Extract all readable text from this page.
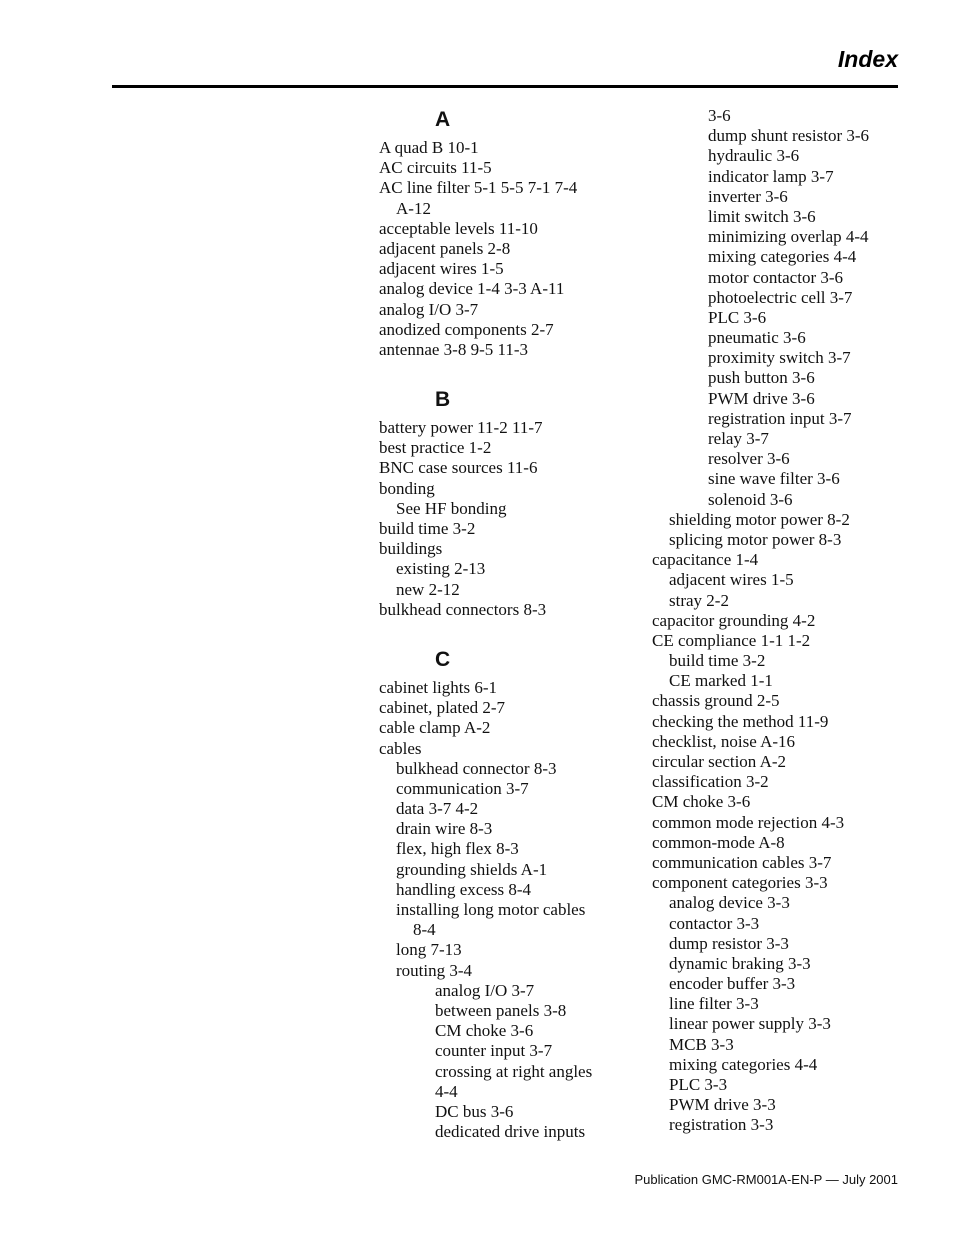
Index
A
A quad B 10-1
AC circuits 11-5
AC line filter 5-1 5-5 7-1 7-4
A-12
acceptable levels 11-10
adjacent panels 2-8
adjacent wires 1-5
analog device 1-4 3-3 A-11
analog I/O 3-7
anodized components 2-7
antennae 3-8 9-5 11-3
B
battery power 11-2 11-7
best practice 1-2
BNC case sources 11-6
bonding
See HF bonding
build time 3-2
buildings
existing 2-13
new 2-12
bulkhead connectors 8-3
C
cabinet lights 6-1
cabinet, plated 2-7
cable clamp A-2
cables
bulkhead connector 8-3
communication 3-7
data 3-7 4-2
drain wire 8-3
flex, high flex 8-3
grounding shields A-1
handling excess 8-4
installing long motor cables
8-4
long 7-13
routing 3-4
analog I/O 3-7
between panels 3-8
CM choke 3-6
counter input 3-7
crossing at right angles
4-4
DC bus 3-6
dedicated drive inputs
3-6
dump shunt resistor 3-6
hydraulic 3-6
indicator lamp 3-7
inverter 3-6
limit switch 3-6
minimizing overlap 4-4
mixing categories 4-4
motor contactor 3-6
photoelectric cell 3-7
PLC 3-6
pneumatic 3-6
proximity switch 3-7
push button 3-6
PWM drive 3-6
registration input 3-7
relay 3-7
resolver 3-6
sine wave filter 3-6
solenoid 3-6
shielding motor power 8-2
splicing motor power 8-3
capacitance 1-4
adjacent wires 1-5
stray 2-2
capacitor grounding 4-2
CE compliance 1-1 1-2
build time 3-2
CE marked 1-1
chassis ground 2-5
checking the method 11-9
checklist, noise A-16
circular section A-2
classification 3-2
CM choke 3-6
common mode rejection 4-3
common-mode A-8
communication cables 3-7
component categories 3-3
analog device 3-3
contactor 3-3
dump resistor 3-3
dynamic braking 3-3
encoder buffer 3-3
line filter 3-3
linear power supply 3-3
MCB 3-3
mixing categories 4-4
PLC 3-3
PWM drive 3-3
registration 3-3
Publication GMC-RM001A-EN-P — July 2001
